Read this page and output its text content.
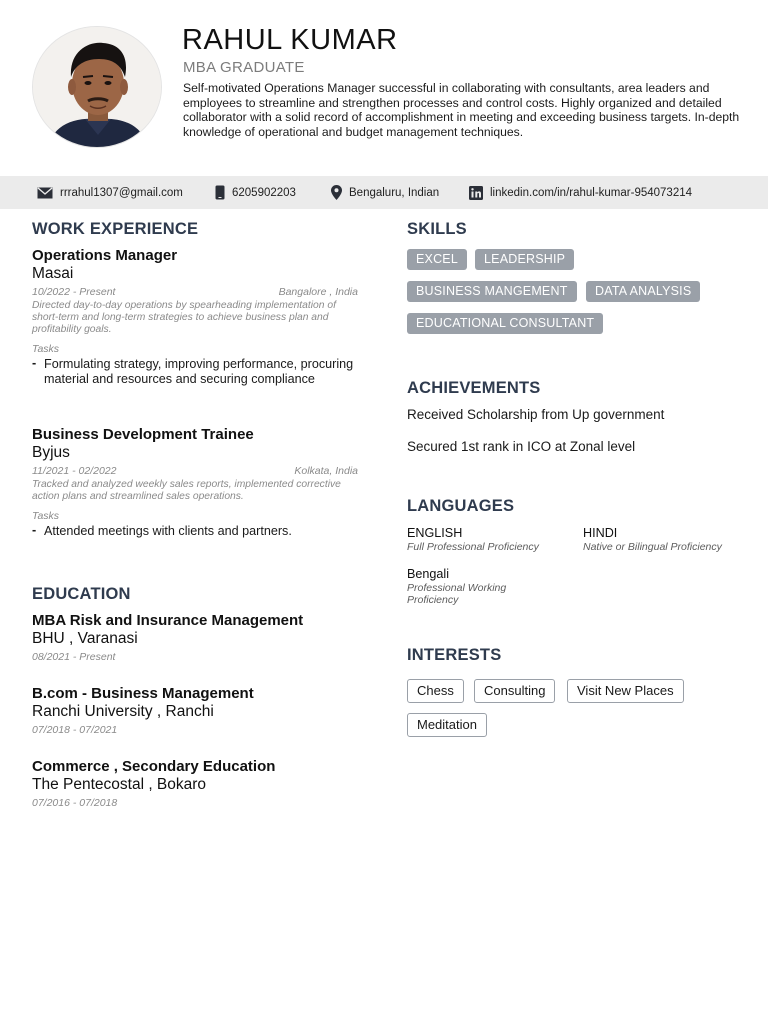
RAHUL KUMAR
MBA GRADUATE
Self-motivated Operations Manager successful in collaborating with consultants, area leaders and employees to streamline and strengthen processes and control costs. Highly organized and detailed collaborator with a solid record of accomplishment in meeting and exceeding business targets. In-depth knowledge of operational and budget management techniques.
rrrahul1307@gmail.com	6205902203	Bengaluru, Indian	linkedin.com/in/rahul-kumar-954073214
WORK EXPERIENCE
Operations Manager
Masai
10/2022 - Present	Bangalore , India
Directed day-to-day operations by spearheading implementation of short-term and long-term strategies to achieve business plan and profitability goals.
Tasks
- Formulating strategy, improving performance, procuring material and resources and securing compliance
Business Development Trainee
Byjus
11/2021 - 02/2022	Kolkata, India
Tracked and analyzed weekly sales reports, implemented corrective action plans and streamlined sales operations.
Tasks
- Attended meetings with clients and partners.
EDUCATION
MBA Risk and Insurance Management
BHU , Varanasi
08/2021 - Present
B.com - Business Management
Ranchi University , Ranchi
07/2018 - 07/2021
Commerce , Secondary Education
The Pentecostal , Bokaro
07/2016 - 07/2018
SKILLS
EXCEL	LEADERSHIP
BUSINESS MANGEMENT	DATA ANALYSIS
EDUCATIONAL CONSULTANT
ACHIEVEMENTS
Received Scholarship from Up government
Secured 1st rank in ICO at Zonal level
LANGUAGES
ENGLISH
Full Professional Proficiency
HINDI
Native or Bilingual Proficiency
Bengali
Professional Working Proficiency
INTERESTS
Chess	Consulting	Visit New Places
Meditation
